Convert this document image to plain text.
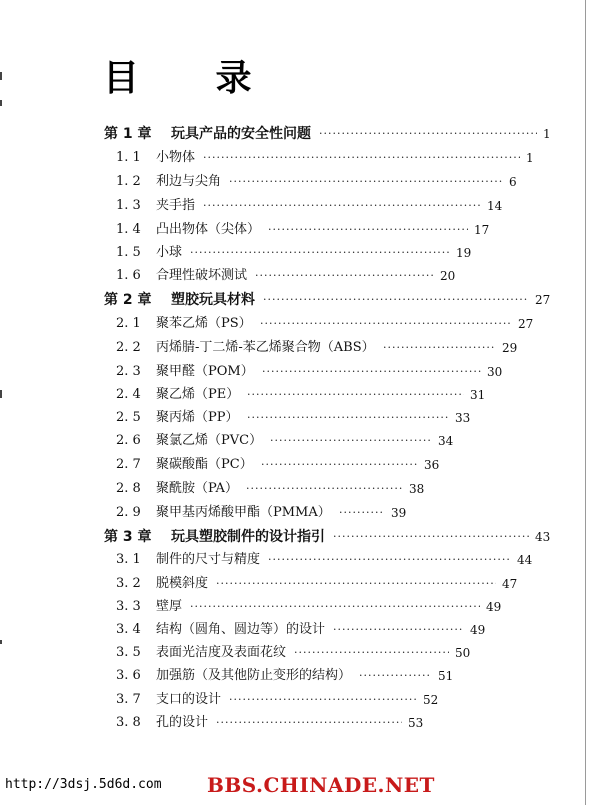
目 录
第 1 章 玩具产品的安全性问题 ·····	1
1. 1 小物体 ·····	1
1. 2 利边与尖角 ·····	6
1. 3 夹手指 ·····	14
1. 4 凸出物体（尖体） ·····	17
1. 5 小球 ·····	19
1. 6 合理性破坏测试 ·····	20
第 2 章 塑胶玩具材料 ·····	27
2. 1 聚苯乙烯（PS） ·····	27
2. 2 丙烯腈-丁二烯-苯乙烯聚合物（ABS） ·····	29
2. 3 聚甲醛（POM） ·····	30
2. 4 聚乙烯（PE） ·····	31
2. 5 聚丙烯（PP） ·····	33
2. 6 聚氯乙烯（PVC） ·····	34
2. 7 聚碳酸酯（PC） ·····	36
2. 8 聚酰胺（PA） ·····	38
2. 9 聚甲基丙烯酸甲酯（PMMA） ·····	39
第 3 章 玩具塑胶制件的设计指引 ·····	43
3. 1 制件的尺寸与精度 ·····	44
3. 2 脱模斜度 ·····	47
3. 3 壁厚 ·····	49
3. 4 结构（圆角、圆边等）的设计 ·····	49
3. 5 表面光洁度及表面花纹 ·····	50
3. 6 加强筋（及其他防止变形的结构） ·····	51
3. 7 支口的设计 ·····	52
3. 8 孔的设计 ·····	53
http://3dsj.5d6d.com BBS.CHINADE.NET
